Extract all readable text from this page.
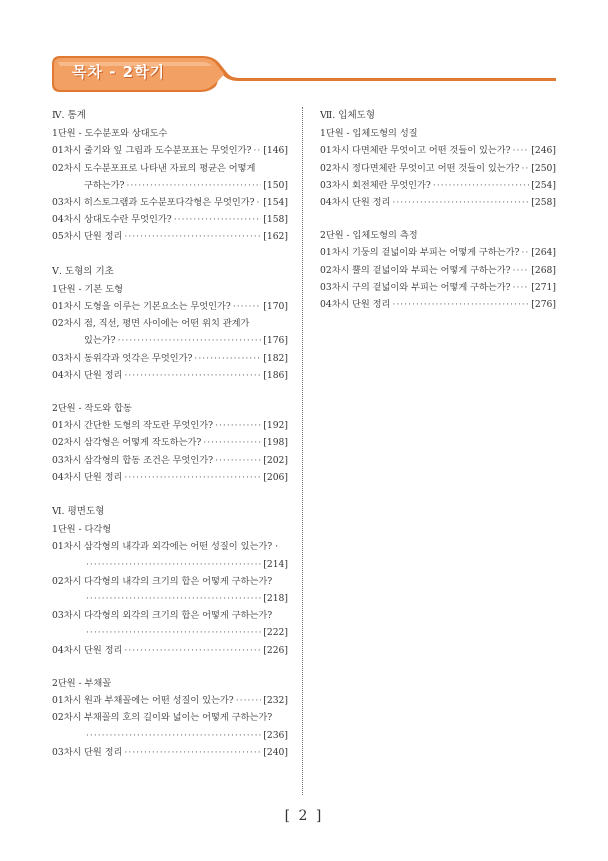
목차 - 2학기
Ⅳ. 통계
1단원 - 도수분포와 상대도수
01차시 줄기와 잎 그림과 도수분포표는 무엇인가? ····· [146]
02차시 도수분포표로 나타낸 자료의 평균은 어떻게
구하는가? ·····	[150]
03차시 히스토그램과 도수분포다각형은 무엇인가? ····· [154]
04차시 상대도수란 무엇인가? ·····	[158]
05차시 단원 정리 ·····	[162]
Ⅴ. 도형의 기초
1단원 - 기본 도형
01차시 도형을 이루는 기본요소는 무엇인가? ·····	[170]
02차시 점, 직선, 평면 사이에는 어떤 위치 관계가
있는가? ·····	[176]
03차시 동위각과 엇각은 무엇인가? ·····	[182]
04차시 단원 정리 ·····	[186]
2단원 - 작도와 합동
01차시 간단한 도형의 작도란 무엇인가? ·····	[192]
02차시 삼각형은 어떻게 작도하는가? ·····	[198]
03차시 삼각형의 합동 조건은 무엇인가? ·····	[202]
04차시 단원 정리 ·····	[206]
Ⅵ. 평면도형
1단원 - 다각형
01차시 삼각형의 내각과 외각에는 어떤 성질이 있는가? ·
·····
[214]
02차시 다각형의 내각의 크기의 합은 어떻게 구하는가?
·····
[218]
03차시 다각형의 외각의 크기의 합은 어떻게 구하는가?
·····
[222]
04차시 단원 정리 ·····	[226]
2단원 - 부채꼴
01차시 원과 부채꼴에는 어떤 성질이 있는가? ·····	[232]
02차시 부채꼴의 호의 길이와 넓이는 어떻게 구하는가?
·····
[236]
03차시 단원 정리 ·····	[240]
Ⅶ. 입체도형
1단원 - 입체도형의 성질
01차시 다면체란 무엇이고 어떤 것들이 있는가? ····· [246]
02차시 정다면체란 무엇이고 어떤 것들이 있는가? ····· [250]
03차시 회전체란 무엇인가? ·····	[254]
04차시 단원 정리 ·····	[258]
2단원 - 입체도형의 측정
01차시 기둥의 겉넓이와 부피는 어떻게 구하는가? ····· [264]
02차시 뿔의 겉넓이와 부피는 어떻게 구하는가? ····· [268]
03차시 구의 겉넓이와 부피는 어떻게 구하는가? ····· [271]
04차시 단원 정리 ·····	[276]
[ 2 ]
